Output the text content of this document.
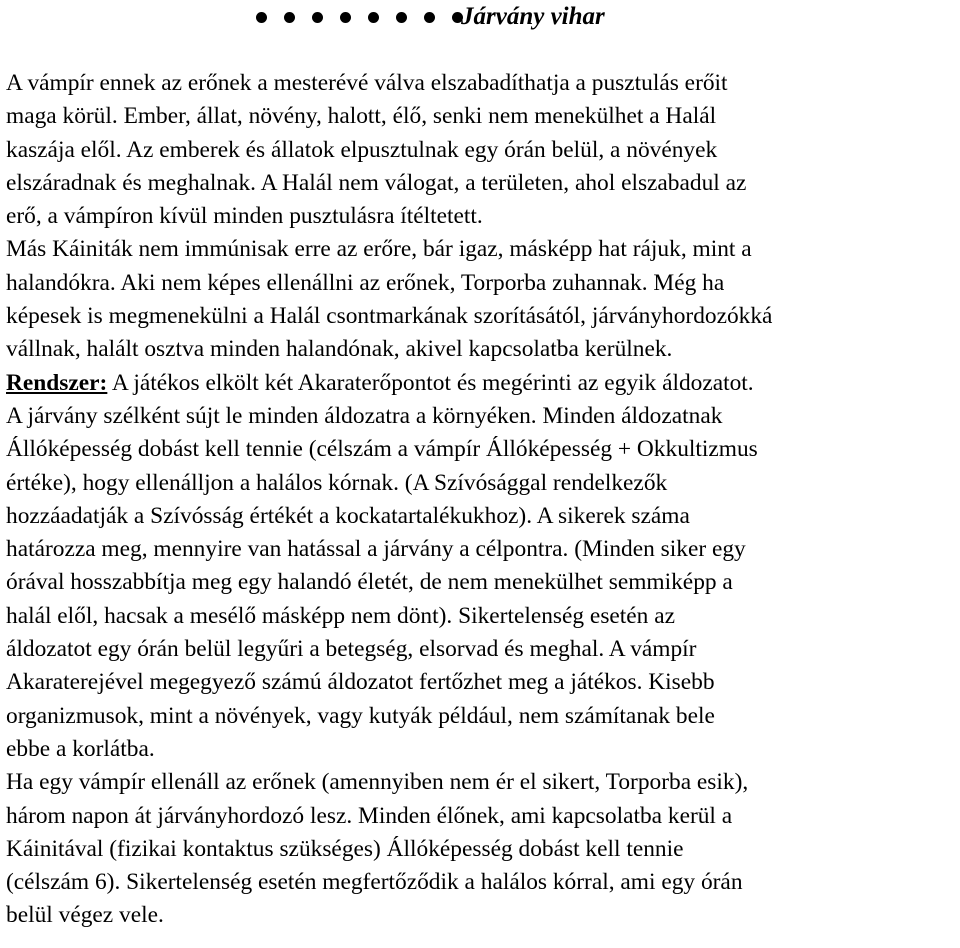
Járvány vihar
A vámpír ennek az erőnek a mesterévé válva elszabadíthatja a pusztulás erőit
maga körül. Ember, állat, növény, halott, élő, senki nem menekülhet a Halál
kaszája elől. Az emberek és állatok elpusztulnak egy órán belül, a növények
elszáradnak és meghalnak. A Halál nem válogat, a területen, ahol elszabadul az
erő, a vámpíron kívül minden pusztulásra ítéltetett.
Más Káiniták nem immúnisak erre az erőre, bár igaz, másképp hat rájuk, mint a
halandókra. Aki nem képes ellenállni az erőnek, Torporba zuhannak. Még ha
képesek is megmenekülni a Halál csontmarkának szorításától, járványhordozókká
vállnak, halált osztva minden halandónak, akivel kapcsolatba kerülnek.
Rendszer: A játékos elkölt két Akaraterőpontot és megérinti az egyik áldozatot.
A járvány szélként sújt le minden áldozatra a környéken. Minden áldozatnak
Állóképesség dobást kell tennie (célszám a vámpír Állóképesség + Okkultizmus
értéke), hogy ellenálljon a halálos kórnak. (A Szívósággal rendelkezők
hozzáadatják a Szívósság értékét a kockatartalékukhoz). A sikerek száma
határozza meg, mennyire van hatással a járvány a célpontra. (Minden siker egy
órával hosszabbítja meg egy halandó életét, de nem menekülhet semmiképp a
halál elől, hacsak a mesélő másképp nem dönt). Sikertelenség esetén az
áldozatot egy órán belül legyűri a betegség, elsorvad és meghal. A vámpír
Akaraterejével megegyező számú áldozatot fertőzhet meg a játékos. Kisebb
organizmusok, mint a növények, vagy kutyák például, nem számítanak bele
ebbe a korlátba.
Ha egy vámpír ellenáll az erőnek (amennyiben nem ér el sikert, Torporba esik),
három napon át járványhordozó lesz. Minden élőnek, ami kapcsolatba kerül a
Káinitával (fizikai kontaktus szükséges) Állóképesség dobást kell tennie
(célszám 6). Sikertelenség esetén megfertőződik a halálos kórral, ami egy órán
belül végez vele.
